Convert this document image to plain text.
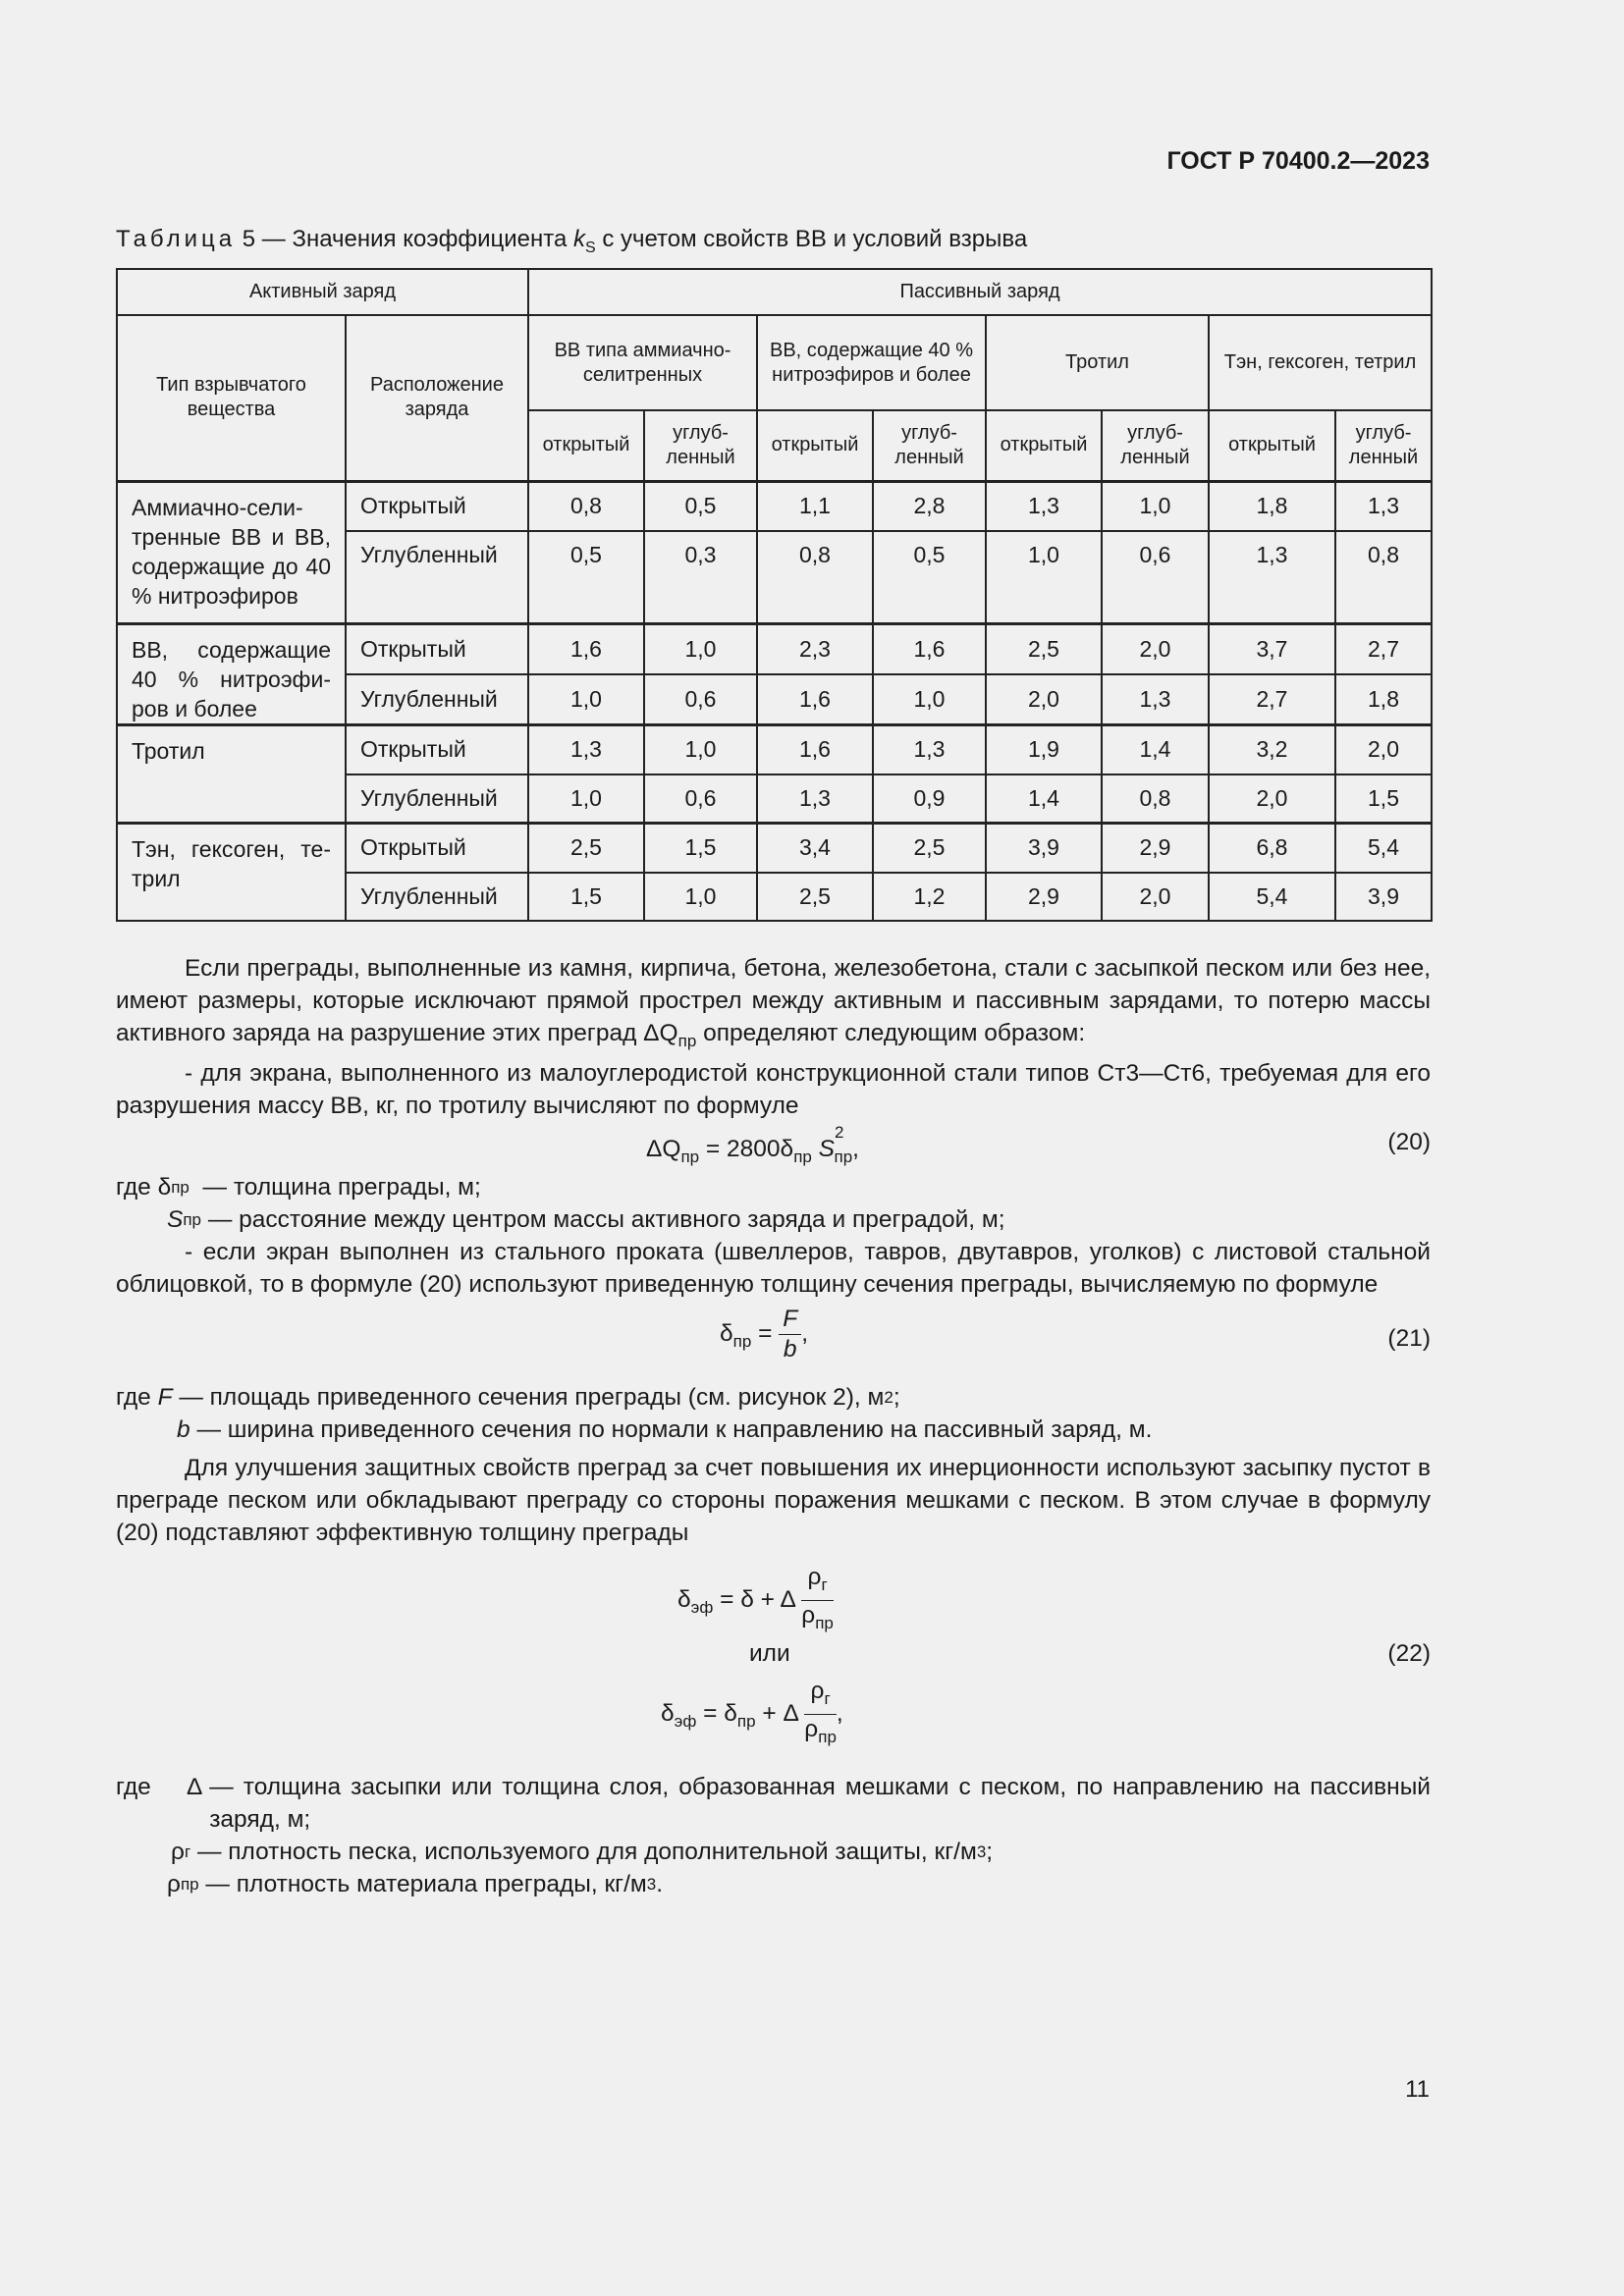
ГОСТ Р 70400.2—2023
Таблица 5 — Значения коэффициента $k_S$ с учетом свойств ВВ и условий взрыва
Активный заряд		Пассивный заряд							
Тип взрывчатого вещества	Расположение заряда	ВВ типа аммиачно-селитренных		ВВ, содержащие 40 % нитроэфиров и более		Тротил		Тэн, гексоген, тетрил	
		открытый	углуб-ленный	открытый	углуб-ленный	открытый	углуб-ленный	открытый	углуб-ленный
Аммиачно-сели-тренные ВВ и ВВ, содержащие до 40 % нитроэфиров	Открытый	0,8	0,5	1,1	2,8	1,3	1,0	1,8	1,3
	Углубленный	0,5	0,3	0,8	0,5	1,0	0,6	1,3	0,8
ВВ, содержащие 40 % нитроэфи-ров и более	Открытый	1,6	1,0	2,3	1,6	2,5	2,0	3,7	2,7
	Углубленный	1,0	0,6	1,6	1,0	2,0	1,3	2,7	1,8
Тротил	Открытый	1,3	1,0	1,6	1,3	1,9	1,4	3,2	2,0
	Углубленный	1,0	0,6	1,3	0,9	1,4	0,8	2,0	1,5
Тэн, гексоген, те-трил	Открытый	2,5	1,5	3,4	2,5	3,9	2,9	6,8	5,4
	Углубленный	1,5	1,0	2,5	1,2	2,9	2,0	5,4	3,9

Если преграды, выполненные из камня, кирпича, бетона, железобетона, стали с засыпкой песком или без нее, имеют размеры, которые исключают прямой прострел между активным и пассивным зарядами, то потерю массы активного заряда на разрушение этих преград $\Delta Q_{пр}$ определяют следующим образом:

- для экрана, выполненного из малоуглеродистой конструкционной стали типов Ст3—Ст6, требуемая для его разрушения массу ВВ, кг, по тротилу вычисляют по формуле

$\Delta Q_{пр} = 2800\delta_{пр}$ $S^2_{пр}$,	(20)
где δ пр
— толщина преграды, м;
S пр
— расстояние между центром массы активного заряда и преградой, м;

- если экран выполнен из стального проката (швеллеров, тавров, двутавров, уголков) с листовой стальной облицовкой, то в формуле (20) используют приведенную толщину сечения преграды, вычисляемую по формуле

$\delta_{пр} = \frac{F}{b}$ ,	(21)
где
F
— площадь приведенного сечения преграды (см. рисунок 2), м 2 ;
b
— ширина приведенного сечения по нормали к направлению на пассивный заряд, м.

Для улучшения защитных свойств преград за счет повышения их инерционности используют засыпку пустот в преграде песком или обкладывают преграду со стороны поражения мешками с песком. В этом случае в формулу (20) подставляют эффективную толщину преграды

$\delta_{эф} = \delta + \Delta \frac{\rho_г}{\rho_{пр}}$
или	(22)
$\delta_{эф} = \delta_{пр} + \Delta \frac{\rho_г}{\rho_{пр}}$ ,
где	Δ — толщина засыпки или толщина слоя, образованная мешками с песком, по направлению на пассивный заряд, м;
ρ г
— плотность песка, используемого для дополнительной защиты, кг/м 3 ;
ρ пр
— плотность материала преграды, кг/м 3 .
11
